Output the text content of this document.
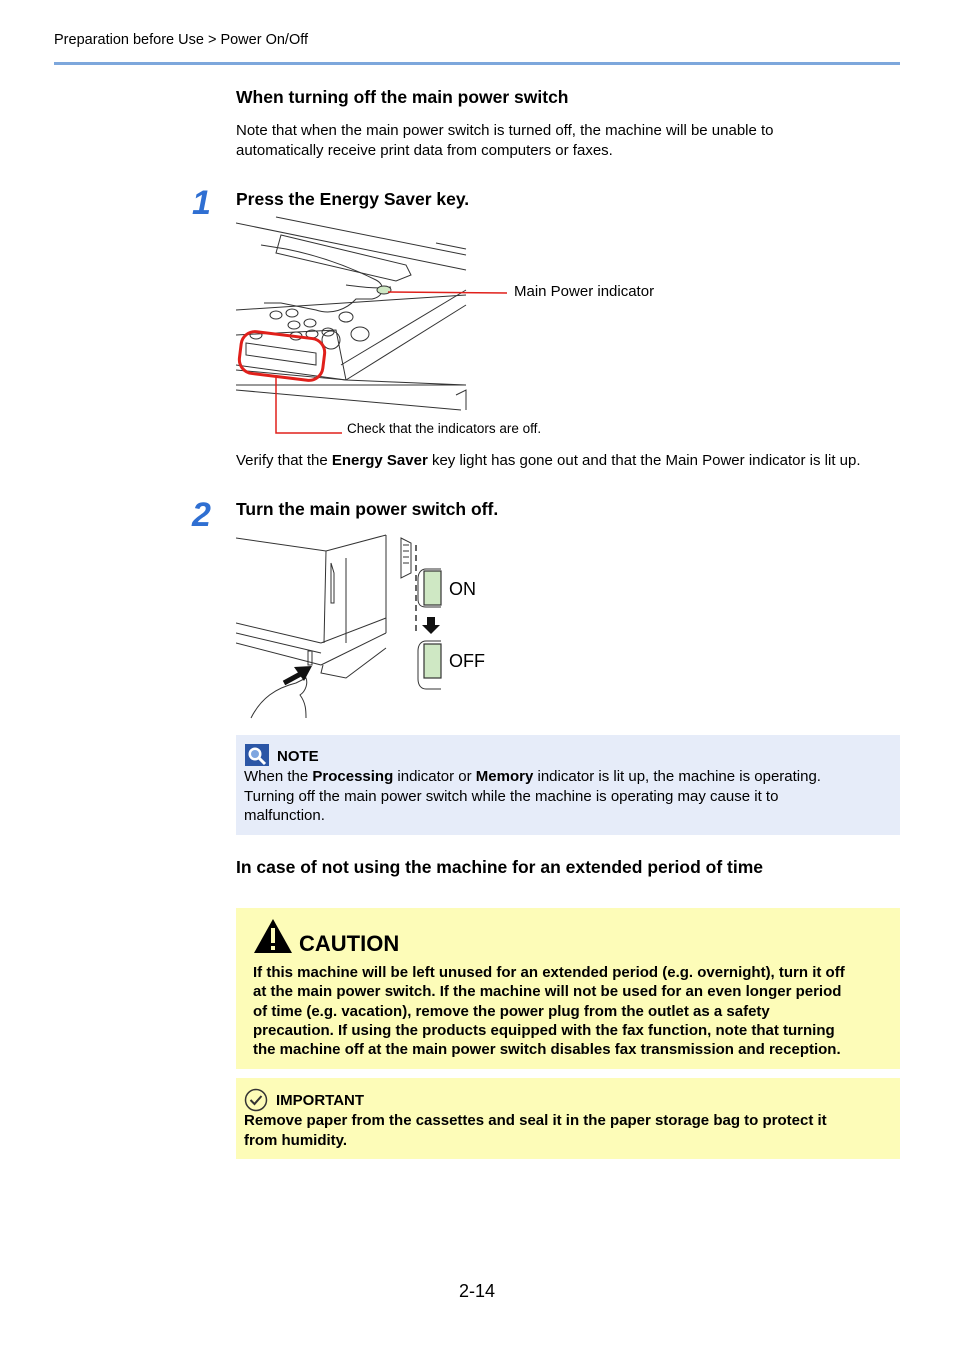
Preparation before Use > Power On/Off
When turning off the main power switch
Note that when the main power switch is turned off, the machine will be unable to
automatically receive print data from computers or faxes.
1 Press the Energy Saver key.
Main Power indicator
Check that the indicators are off.
Verify that the Energy Saver key light has gone out and that the Main Power indicator is lit up.
2 Turn the main power switch off.
ON
OFF
NOTE
When the Processing indicator or Memory indicator is lit up, the machine is operating.
Turning off the main power switch while the machine is operating may cause it to
malfunction.
In case of not using the machine for an extended period of time
CAUTION
If this machine will be left unused for an extended period (e.g. overnight), turn it off
at the main power switch. If the machine will not be used for an even longer period
of time (e.g. vacation), remove the power plug from the outlet as a safety
precaution. If using the products equipped with the fax function, note that turning
the machine off at the main power switch disables fax transmission and reception.
IMPORTANT
Remove paper from the cassettes and seal it in the paper storage bag to protect it
from humidity.
2-14
